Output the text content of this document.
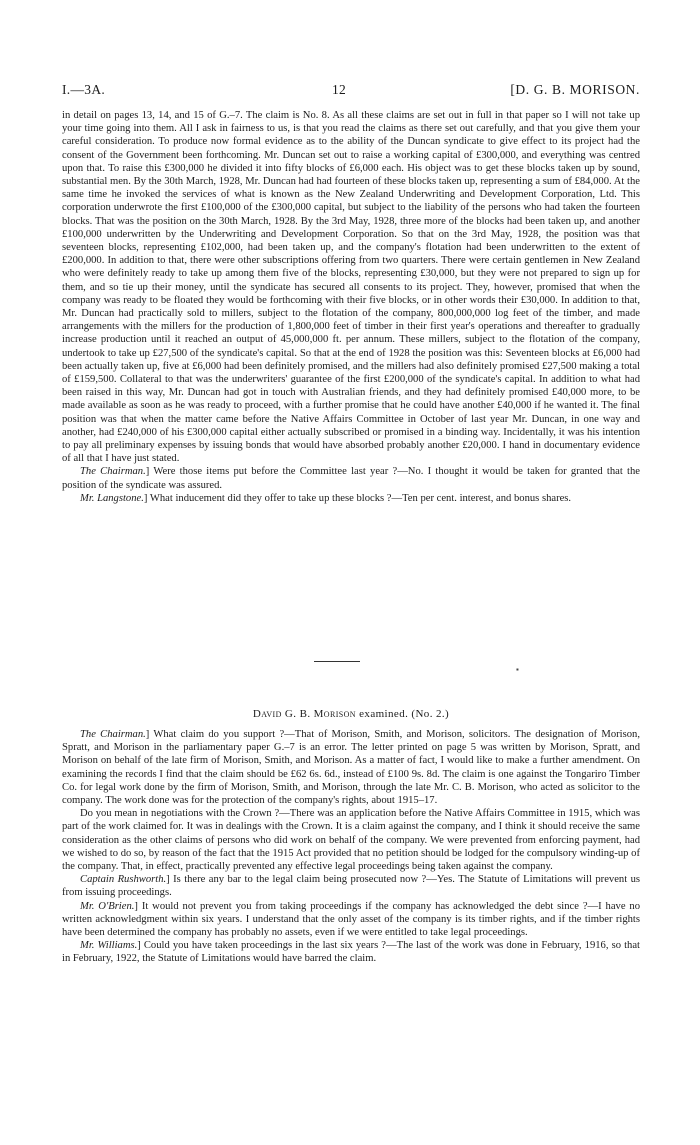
I.—3A.	12	[D. G. B. MORISON.

in detail on pages 13, 14, and 15 of G.–7. The claim is No. 8. As all these claims are set out in full in that paper so I will not take up your time going into them. All I ask in fairness to us, is that you read the claims as there set out carefully, and that you give them your careful consideration. To produce now formal evidence as to the ability of the Duncan syndicate to give effect to its project had the consent of the Government been forthcoming. Mr. Duncan set out to raise a working capital of £300,000, and everything was centred upon that. To raise this £300,000 he divided it into fifty blocks of £6,000 each. His object was to get these blocks taken up by sound, substantial men. By the 30th March, 1928, Mr. Duncan had had fourteen of these blocks taken up, representing a sum of £84,000. At the same time he invoked the services of what is known as the New Zealand Underwriting and Development Corporation, Ltd. This corporation underwrote the first £100,000 of the £300,000 capital, but subject to the liability of the persons who had taken the fourteen blocks. That was the position on the 30th March, 1928. By the 3rd May, 1928, three more of the blocks had been taken up, and another £100,000 underwritten by the Underwriting and Development Corporation. So that on the 3rd May, 1928, the position was that seventeen blocks, representing £102,000, had been taken up, and the company's flotation had been underwritten to the extent of £200,000. In addition to that, there were other subscriptions offering from two quarters. There were certain gentlemen in New Zealand who were definitely ready to take up among them five of the blocks, representing £30,000, but they were not prepared to sign up for them, and so tie up their money, until the syndicate has secured all consents to its project. They, however, promised that when the company was ready to be floated they would be forthcoming with their five blocks, or in other words their £30,000. In addition to that, Mr. Duncan had practically sold to millers, subject to the flotation of the company, 800,000,000 log feet of the timber, and made arrangements with the millers for the production of 1,800,000 feet of timber in their first year's operations and thereafter to gradually increase production until it reached an output of 45,000,000 ft. per annum. These millers, subject to the flotation of the company, undertook to take up £27,500 of the syndicate's capital. So that at the end of 1928 the position was this: Seventeen blocks at £6,000 had been actually taken up, five at £6,000 had been definitely promised, and the millers had also definitely promised £27,500 making a total of £159,500. Collateral to that was the underwriters' guarantee of the first £200,000 of the syndicate's capital. In addition to what had been raised in this way, Mr. Duncan had got in touch with Australian friends, and they had definitely promised £40,000 more, to be made available as soon as he was ready to proceed, with a further promise that he could have another £40,000 if he wanted it. The final position was that when the matter came before the Native Affairs Committee in October of last year Mr. Duncan, in one way and another, had £240,000 of his £300,000 capital either actually subscribed or promised in a binding way. Incidentally, it was his intention to pay all preliminary expenses by issuing bonds that would have absorbed probably another £20,000. I hand in documentary evidence of all that I have just stated.

The Chairman.] Were those items put before the Committee last year ?—No. I thought it would be taken for granted that the position of the syndicate was assured.

Mr. Langstone.] What inducement did they offer to take up these blocks ?—Ten per cent. interest, and bonus shares.

▪
David G. B. Morison examined. (No. 2.)

The Chairman.] What claim do you support ?—That of Morison, Smith, and Morison, solicitors. The designation of Morison, Spratt, and Morison in the parliamentary paper G.–7 is an error. The letter printed on page 5 was written by Morison, Spratt, and Morison on behalf of the late firm of Morison, Smith, and Morison. As a matter of fact, I would like to make a further amendment. On examining the records I find that the claim should be £62 6s. 6d., instead of £100 9s. 8d. The claim is one against the Tongariro Timber Co. for legal work done by the firm of Morison, Smith, and Morison, through the late Mr. C. B. Morison, who acted as solicitor to the company. The work done was for the protection of the company's rights, about 1915–17.

Do you mean in negotiations with the Crown ?—There was an application before the Native Affairs Committee in 1915, which was part of the work claimed for. It was in dealings with the Crown. It is a claim against the company, and I think it should receive the same consideration as the other claims of persons who did work on behalf of the company. We were prevented from enforcing payment, had we wished to do so, by reason of the fact that the 1915 Act provided that no petition should be lodged for the compulsory winding-up of the company. That, in effect, practically prevented any effective legal proceedings being taken against the company.

Captain Rushworth.] Is there any bar to the legal claim being prosecuted now ?—Yes. The Statute of Limitations will prevent us from issuing proceedings.

Mr. O'Brien.] It would not prevent you from taking proceedings if the company has acknowledged the debt since ?—I have no written acknowledgment within six years. I understand that the only asset of the company is its timber rights, and if the timber rights have been determined the company has probably no assets, even if we were entitled to take legal proceedings.

Mr. Williams.] Could you have taken proceedings in the last six years ?—The last of the work was done in February, 1916, so that in February, 1922, the Statute of Limitations would have barred the claim.
